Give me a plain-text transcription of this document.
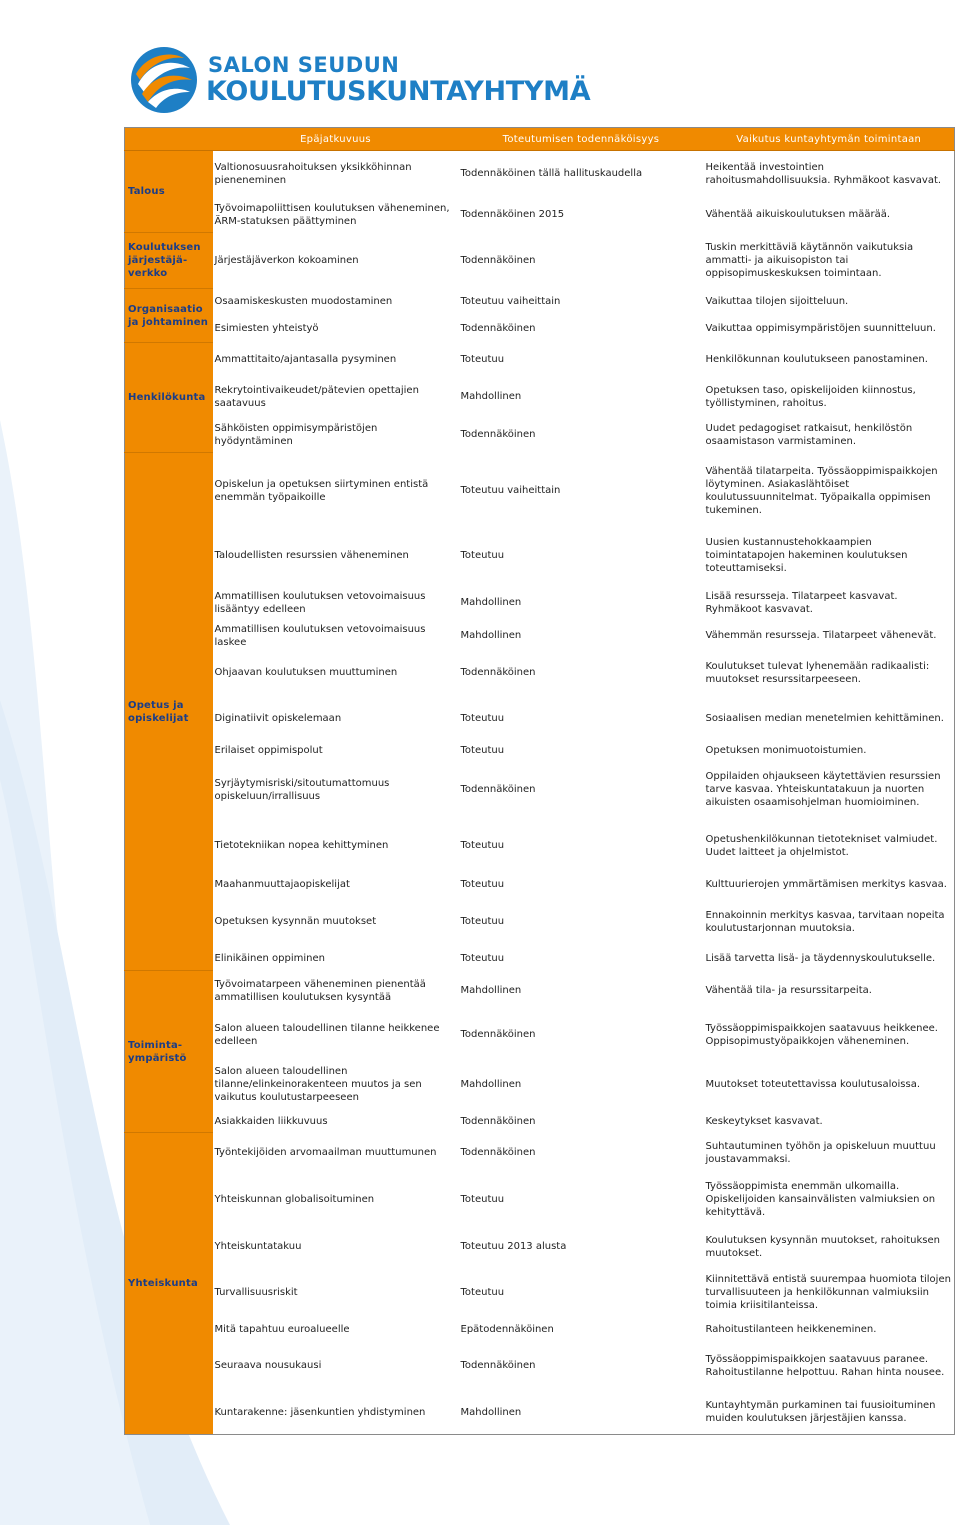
SALON SEUDUN
KOULUTUSKUNTAYHTYMÄ
	Epäjatkuvuus	Toteutumisen todennäköisyys	Vaikutus kuntayhtymän toimintaan
Talous	Valtionosuusrahoituksen yksikköhinnan pieneneminen	Todennäköinen tällä hallituskaudella	Heikentää investointien rahoitusmahdollisuuksia. Ryhmäkoot kasvavat.
	Työvoimapoliittisen koulutuksen väheneminen, ÄRM-statuksen päättyminen	Todennäköinen 2015	Vähentää aikuiskoulutuksen määrää.
Koulutuksen järjestäjä-verkko	Järjestäjäverkon kokoaminen	Todennäköinen	Tuskin merkittäviä käytännön vaikutuksia ammatti- ja aikuisopiston tai oppisopimuskeskuksen toimintaan.
Organisaatio ja johtaminen	Osaamiskeskusten muodostaminen	Toteutuu vaiheittain	Vaikuttaa tilojen sijoitteluun.
	Esimiesten yhteistyö	Todennäköinen	Vaikuttaa oppimisympäristöjen suunnitteluun.
Henkilökunta	Ammattitaito/ajantasalla pysyminen	Toteutuu	Henkilökunnan koulutukseen panostaminen.
	Rekrytointivaikeudet/pätevien opettajien saatavuus	Mahdollinen	Opetuksen taso, opiskelijoiden kiinnostus, työllistyminen, rahoitus.
	Sähköisten oppimisympäristöjen hyödyntäminen	Todennäköinen	Uudet pedagogiset ratkaisut, henkilöstön osaamistason varmistaminen.
Opetus ja opiskelijat	Opiskelun ja opetuksen siirtyminen entistä enemmän työpaikoille	Toteutuu vaiheittain	Vähentää tilatarpeita. Työssäoppimispaikkojen löytyminen. Asiakaslähtöiset koulutussuunnitelmat. Työpaikalla oppimisen tukeminen.
	Taloudellisten resurssien väheneminen	Toteutuu	Uusien kustannustehokkaampien toimintatapojen hakeminen koulutuksen toteuttamiseksi.
	Ammatillisen koulutuksen vetovoimaisuus lisääntyy edelleen	Mahdollinen	Lisää resursseja. Tilatarpeet kasvavat. Ryhmäkoot kasvavat.
	Ammatillisen koulutuksen vetovoimaisuus laskee	Mahdollinen	Vähemmän resursseja. Tilatarpeet vähenevät.
	Ohjaavan koulutuksen muuttuminen	Todennäköinen	Koulutukset tulevat lyhenemään radikaalisti: muutokset resurssitarpeeseen.
	Diginatiivit opiskelemaan	Toteutuu	Sosiaalisen median menetelmien kehittäminen.
	Erilaiset oppimispolut	Toteutuu	Opetuksen monimuotoistumien.
	Syrjäytymisriski/sitoutumattomuus opiskeluun/irrallisuus	Todennäköinen	Oppilaiden ohjaukseen käytettävien resurssien tarve kasvaa. Yhteiskuntatakuun ja nuorten aikuisten osaamisohjelman huomioiminen.
	Tietotekniikan nopea kehittyminen	Toteutuu	Opetushenkilökunnan tietotekniset valmiudet. Uudet laitteet ja ohjelmistot.
	Maahanmuuttajaopiskelijat	Toteutuu	Kulttuurierojen ymmärtämisen merkitys kasvaa.
	Opetuksen kysynnän muutokset	Toteutuu	Ennakoinnin merkitys kasvaa, tarvitaan nopeita koulutustarjonnan muutoksia.
	Elinikäinen oppiminen	Toteutuu	Lisää tarvetta lisä- ja täydennyskoulutukselle.
Toiminta-ympäristö	Työvoimatarpeen väheneminen pienentää ammatillisen koulutuksen kysyntää	Mahdollinen	Vähentää tila- ja resurssitarpeita.
	Salon alueen taloudellinen tilanne heikkenee edelleen	Todennäköinen	Työssäoppimispaikkojen saatavuus heikkenee. Oppisopimustyöpaikkojen väheneminen.
	Salon alueen taloudellinen tilanne/elinkeinorakenteen muutos ja sen vaikutus koulutustarpeeseen	Mahdollinen	Muutokset toteutettavissa koulutusaloissa.
	Asiakkaiden liikkuvuus	Todennäköinen	Keskeytykset kasvavat.
Yhteiskunta	Työntekijöiden arvomaailman muuttumunen	Todennäköinen	Suhtautuminen työhön ja opiskeluun muuttuu joustavammaksi.
	Yhteiskunnan globalisoituminen	Toteutuu	Työssäoppimista enemmän ulkomailla. Opiskelijoiden kansainvälisten valmiuksien on kehityttävä.
	Yhteiskuntatakuu	Toteutuu 2013 alusta	Koulutuksen kysynnän muutokset, rahoituksen muutokset.
	Turvallisuusriskit	Toteutuu	Kiinnitettävä entistä suurempaa huomiota tilojen turvallisuuteen ja henkilökunnan valmiuksiin toimia kriisitilanteissa.
	Mitä tapahtuu euroalueelle	Epätodennäköinen	Rahoitustilanteen heikkeneminen.
	Seuraava nousukausi	Todennäköinen	Työssäoppimispaikkojen saatavuus paranee. Rahoitustilanne helpottuu. Rahan hinta nousee.
	Kuntarakenne: jäsenkuntien yhdistyminen	Mahdollinen	Kuntayhtymän purkaminen tai fuusioituminen muiden koulutuksen järjestäjien kanssa.
